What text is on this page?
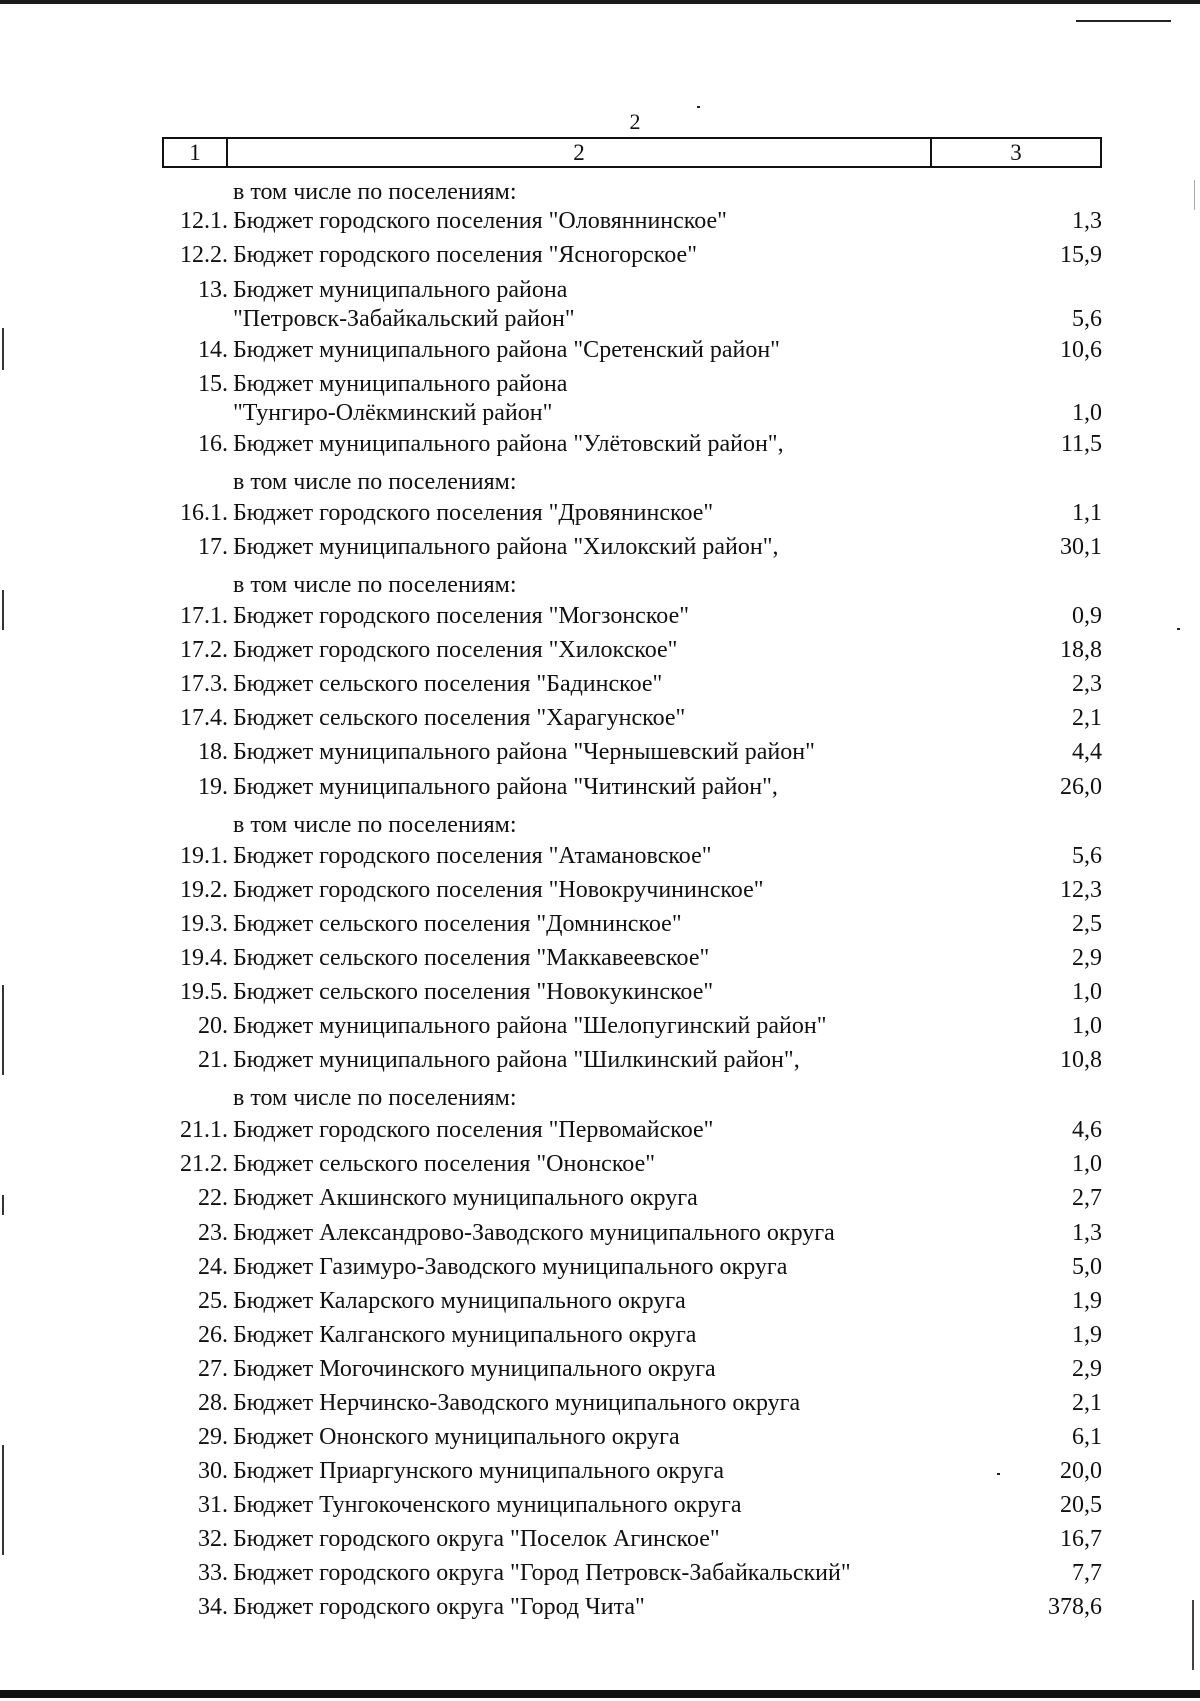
2
1	2	3
в том числе по поселениям:
12.1. Бюджет городского поселения "Оловяннинское"	1,3
12.2. Бюджет городского поселения "Ясногорское"	15,9
13. Бюджет муниципального района
"Петровск-Забайкальский район"	5,6
14. Бюджет муниципального района "Сретенский район"	10,6
15. Бюджет муниципального района
"Тунгиро-Олёкминский район"	1,0
16. Бюджет муниципального района "Улётовский район",	11,5
в том числе по поселениям:
16.1. Бюджет городского поселения "Дровянинское"	1,1
17. Бюджет муниципального района "Хилокский район",	30,1
в том числе по поселениям:
17.1. Бюджет городского поселения "Могзонское"	0,9
17.2. Бюджет городского поселения "Хилокское"	18,8
17.3. Бюджет сельского поселения "Бадинское"	2,3
17.4. Бюджет сельского поселения "Харагунское"	2,1
18. Бюджет муниципального района "Чернышевский район"	4,4
19. Бюджет муниципального района "Читинский район",	26,0
в том числе по поселениям:
19.1. Бюджет городского поселения "Атамановское"	5,6
19.2. Бюджет городского поселения "Новокручининское"	12,3
19.3. Бюджет сельского поселения "Домнинское"	2,5
19.4. Бюджет сельского поселения "Маккавеевское"	2,9
19.5. Бюджет сельского поселения "Новокукинское"	1,0
20. Бюджет муниципального района "Шелопугинский район"	1,0
21. Бюджет муниципального района "Шилкинский район",	10,8
в том числе по поселениям:
21.1. Бюджет городского поселения "Первомайское"	4,6
21.2. Бюджет сельского поселения "Ононское"	1,0
22. Бюджет Акшинского муниципального округа	2,7
23. Бюджет Александрово-Заводского муниципального округа	1,3
24. Бюджет Газимуро-Заводского муниципального округа	5,0
25. Бюджет Каларского муниципального округа	1,9
26. Бюджет Калганского муниципального округа	1,9
27. Бюджет Могочинского муниципального округа	2,9
28. Бюджет Нерчинско-Заводского муниципального округа	2,1
29. Бюджет Ононского муниципального округа	6,1
30. Бюджет Приаргунского муниципального округа	20,0
31. Бюджет Тунгокоченского муниципального округа	20,5
32. Бюджет городского округа "Поселок Агинское"	16,7
33. Бюджет городского округа "Город Петровск-Забайкальский"	7,7
34. Бюджет городского округа "Город Чита"	378,6
